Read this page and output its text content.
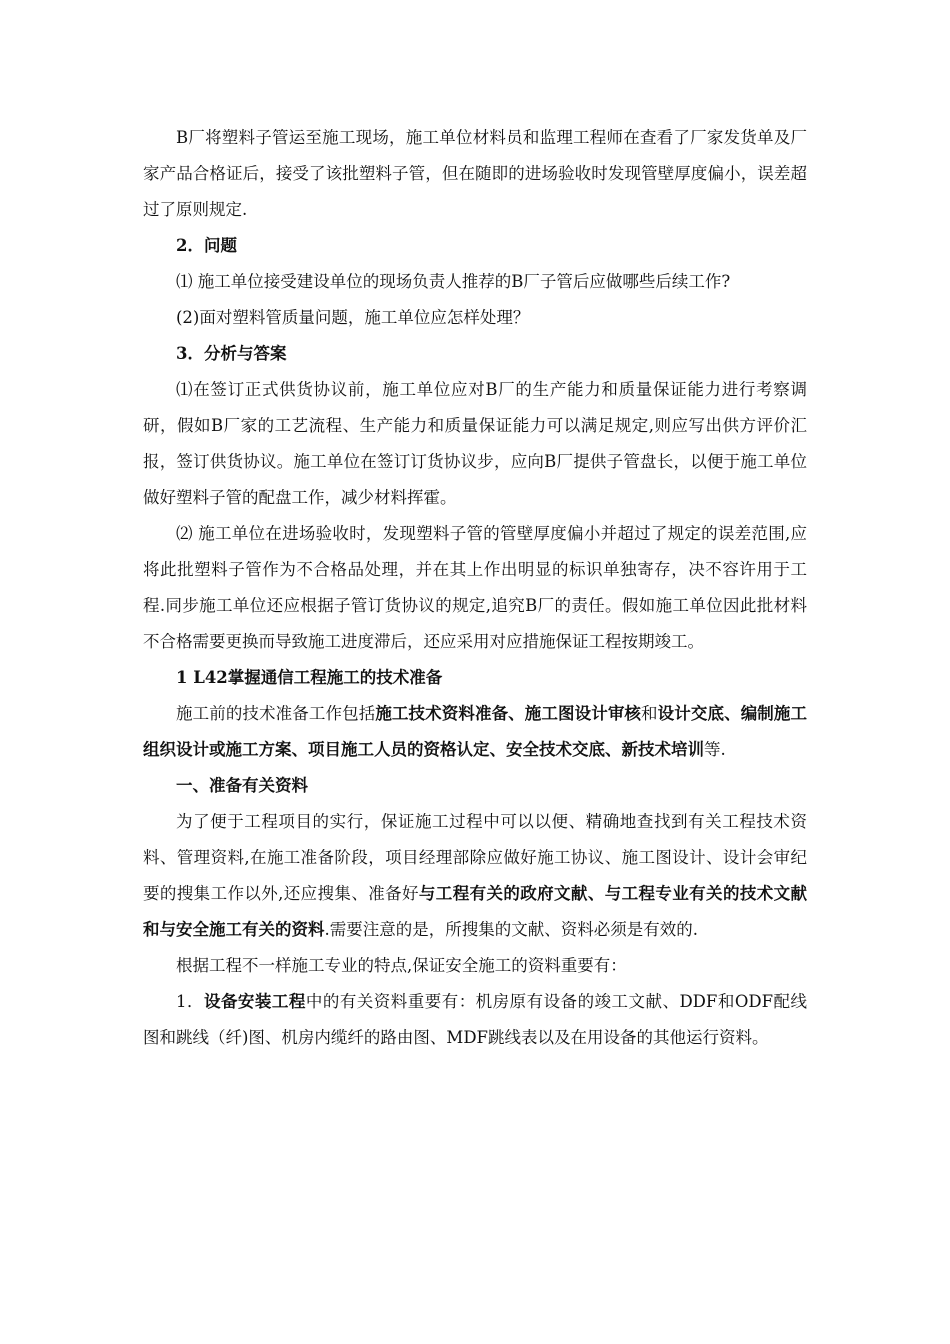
B厂将塑料子管运至施工现场，施工单位材料员和监理工程师在查看了厂家发货单及厂家产品合格证后，接受了该批塑料子管，但在随即的进场验收时发现管壁厚度偏小，误差超过了原则规定.

2．问题

⑴ 施工单位接受建设单位的现场负责人推荐的B厂子管后应做哪些后续工作?

(2)面对塑料管质量问题，施工单位应怎样处理？

3．分析与答案

⑴在签订正式供货协议前，施工单位应对B厂的生产能力和质量保证能力进行考察调研，假如B厂家的工艺流程、生产能力和质量保证能力可以满足规定,则应写出供方评价汇报，签订供货协议。施工单位在签订订货协议步，应向B厂提供子管盘长，以便于施工单位做好塑料子管的配盘工作，减少材料挥霍。

⑵ 施工单位在进场验收时，发现塑料子管的管壁厚度偏小并超过了规定的误差范围,应将此批塑料子管作为不合格品处理，并在其上作出明显的标识单独寄存，决不容许用于工程.同步施工单位还应根据子管订货协议的规定,追究B厂的责任。假如施工单位因此批材料不合格需要更换而导致施工进度滞后，还应采用对应措施保证工程按期竣工。

1 L42掌握通信工程施工的技术准备

施工前的技术准备工作包括施工技术资料准备、施工图设计审核和设计交底、编制施工组织设计或施工方案、项目施工人员的资格认定、安全技术交底、新技术培训等.

一、准备有关资料

为了便于工程项目的实行，保证施工过程中可以以便、精确地查找到有关工程技术资料、管理资料,在施工准备阶段，项目经理部除应做好施工协议、施工图设计、设计会审纪要的搜集工作以外,还应搜集、准备好与工程有关的政府文献、与工程专业有关的技术文献和与安全施工有关的资料.需要注意的是，所搜集的文献、资料必须是有效的.

根据工程不一样施工专业的特点,保证安全施工的资料重要有：

1．设备安装工程中的有关资料重要有：机房原有设备的竣工文献、DDF和ODF配线图和跳线（纤)图、机房内缆纤的路由图、MDF跳线表以及在用设备的其他运行资料。
